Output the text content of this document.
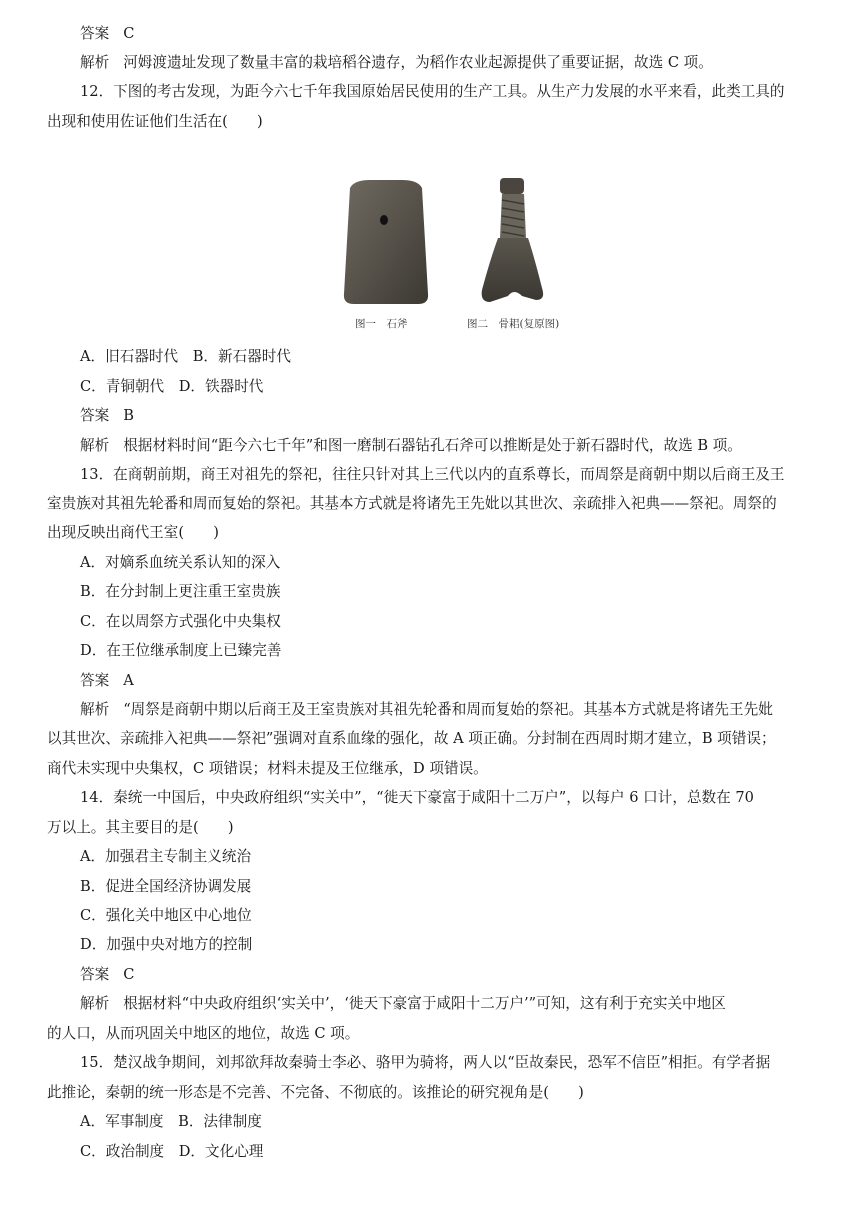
答案 C
解析 河姆渡遗址发现了数量丰富的栽培稻谷遗存，为稻作农业起源提供了重要证据，故选 C 项。
12．下图的考古发现，为距今六七千年我国原始居民使用的生产工具。从生产力发展的水平来看，此类工具的
出现和使用佐证他们生活在(　　)
图一　石斧	图二　骨耜(复原图)
A．旧石器时代　B．新石器时代
C．青铜朝代　D．铁器时代
答案 B
解析 根据材料时间“距今六七千年”和图一磨制石器钻孔石斧可以推断是处于新石器时代，故选 B 项。
13．在商朝前期，商王对祖先的祭祀，往往只针对其上三代以内的直系尊长，而周祭是商朝中期以后商王及王
室贵族对其祖先轮番和周而复始的祭祀。其基本方式就是将诸先王先妣以其世次、亲疏排入祀典——祭祀。周祭的
出现反映出商代王室(　　)
A．对嫡系血统关系认知的深入
B．在分封制上更注重王室贵族
C．在以周祭方式强化中央集权
D．在王位继承制度上已臻完善
答案 A
解析 “周祭是商朝中期以后商王及王室贵族对其祖先轮番和周而复始的祭祀。其基本方式就是将诸先王先妣
以其世次、亲疏排入祀典——祭祀”强调对直系血缘的强化，故 A 项正确。分封制在西周时期才建立，B 项错误；
商代未实现中央集权，C 项错误；材料未提及王位继承，D 项错误。
14．秦统一中国后，中央政府组织“实关中”，“徙天下豪富于咸阳十二万户”，以每户 6 口计，总数在 70
万以上。其主要目的是(　　)
A．加强君主专制主义统治
B．促进全国经济协调发展
C．强化关中地区中心地位
D．加强中央对地方的控制
答案 C
解析 根据材料“中央政府组织‘实关中’，‘徙天下豪富于咸阳十二万户’”可知，这有利于充实关中地区
的人口，从而巩固关中地区的地位，故选 C 项。
15．楚汉战争期间，刘邦欲拜故秦骑士李必、骆甲为骑将，两人以“臣故秦民，恐军不信臣”相拒。有学者据
此推论，秦朝的统一形态是不完善、不完备、不彻底的。该推论的研究视角是(　　)
A．军事制度　B．法律制度
C．政治制度　D．文化心理
